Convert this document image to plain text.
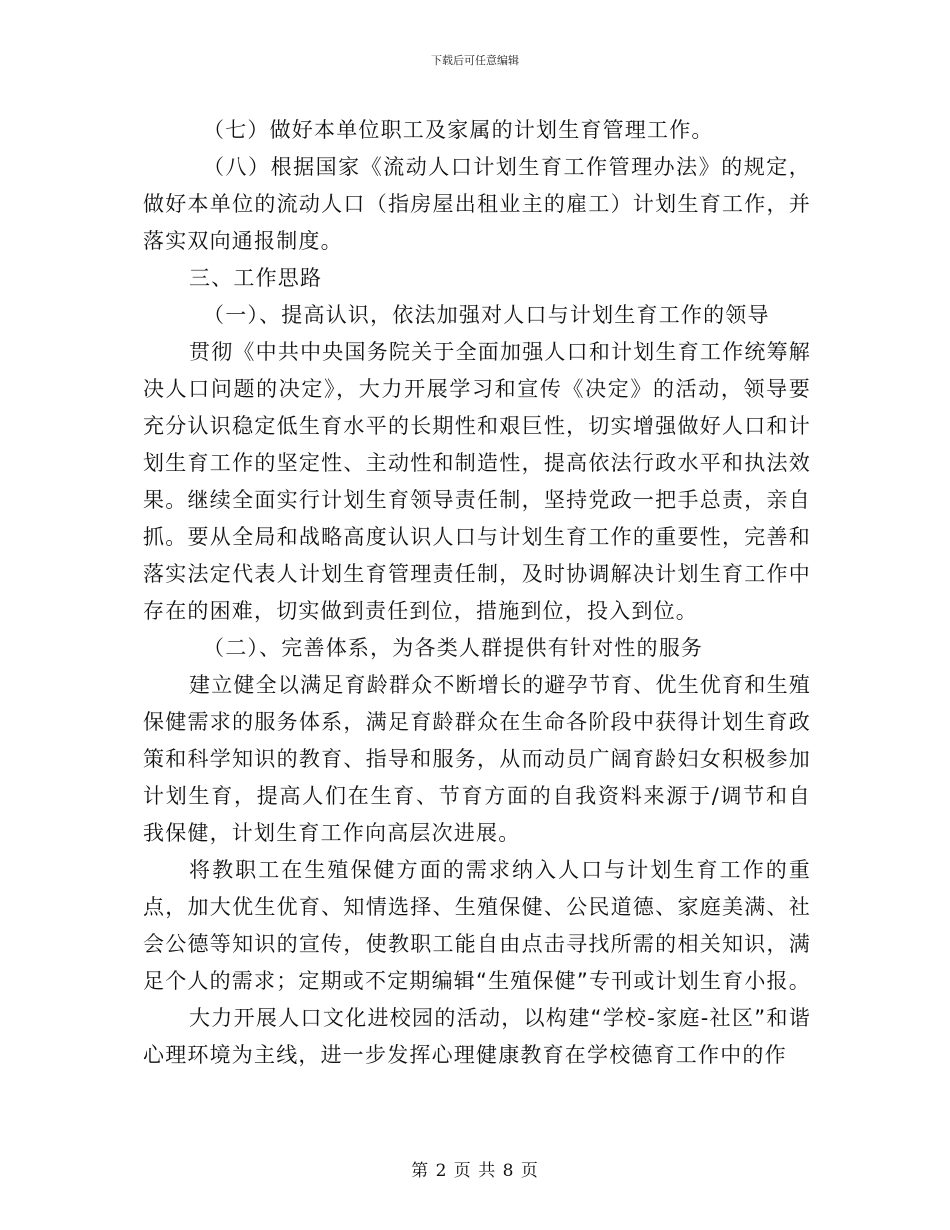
下载后可任意编辑

（七）做好本单位职工及家属的计划生育管理工作。

（八）根据国家《流动人口计划生育工作管理办法》的规定，做好本单位的流动人口（指房屋出租业主的雇工）计划生育工作，并落实双向通报制度。

三、工作思路

（一）、提高认识，依法加强对人口与计划生育工作的领导

贯彻《中共中央国务院关于全面加强人口和计划生育工作统筹解决人口问题的决定》，大力开展学习和宣传《决定》的活动，领导要充分认识稳定低生育水平的长期性和艰巨性，切实增强做好人口和计划生育工作的坚定性、主动性和制造性，提高依法行政水平和执法效果。继续全面实行计划生育领导责任制，坚持党政一把手总责，亲自抓。要从全局和战略高度认识人口与计划生育工作的重要性，完善和落实法定代表人计划生育管理责任制，及时协调解决计划生育工作中存在的困难，切实做到责任到位，措施到位，投入到位。

（二）、完善体系，为各类人群提供有针对性的服务

建立健全以满足育龄群众不断增长的避孕节育、优生优育和生殖保健需求的服务体系，满足育龄群众在生命各阶段中获得计划生育政策和科学知识的教育、指导和服务，从而动员广阔育龄妇女积极参加计划生育，提高人们在生育、节育方面的自我资料来源于/调节和自我保健，计划生育工作向高层次进展。

将教职工在生殖保健方面的需求纳入人口与计划生育工作的重点，加大优生优育、知情选择、生殖保健、公民道德、家庭美满、社会公德等知识的宣传，使教职工能自由点击寻找所需的相关知识，满足个人的需求；定期或不定期编辑“生殖保健”专刊或计划生育小报。

大力开展人口文化进校园的活动，以构建“学校-家庭-社区”和谐心理环境为主线，进一步发挥心理健康教育在学校德育工作中的作

第 2 页 共 8 页
